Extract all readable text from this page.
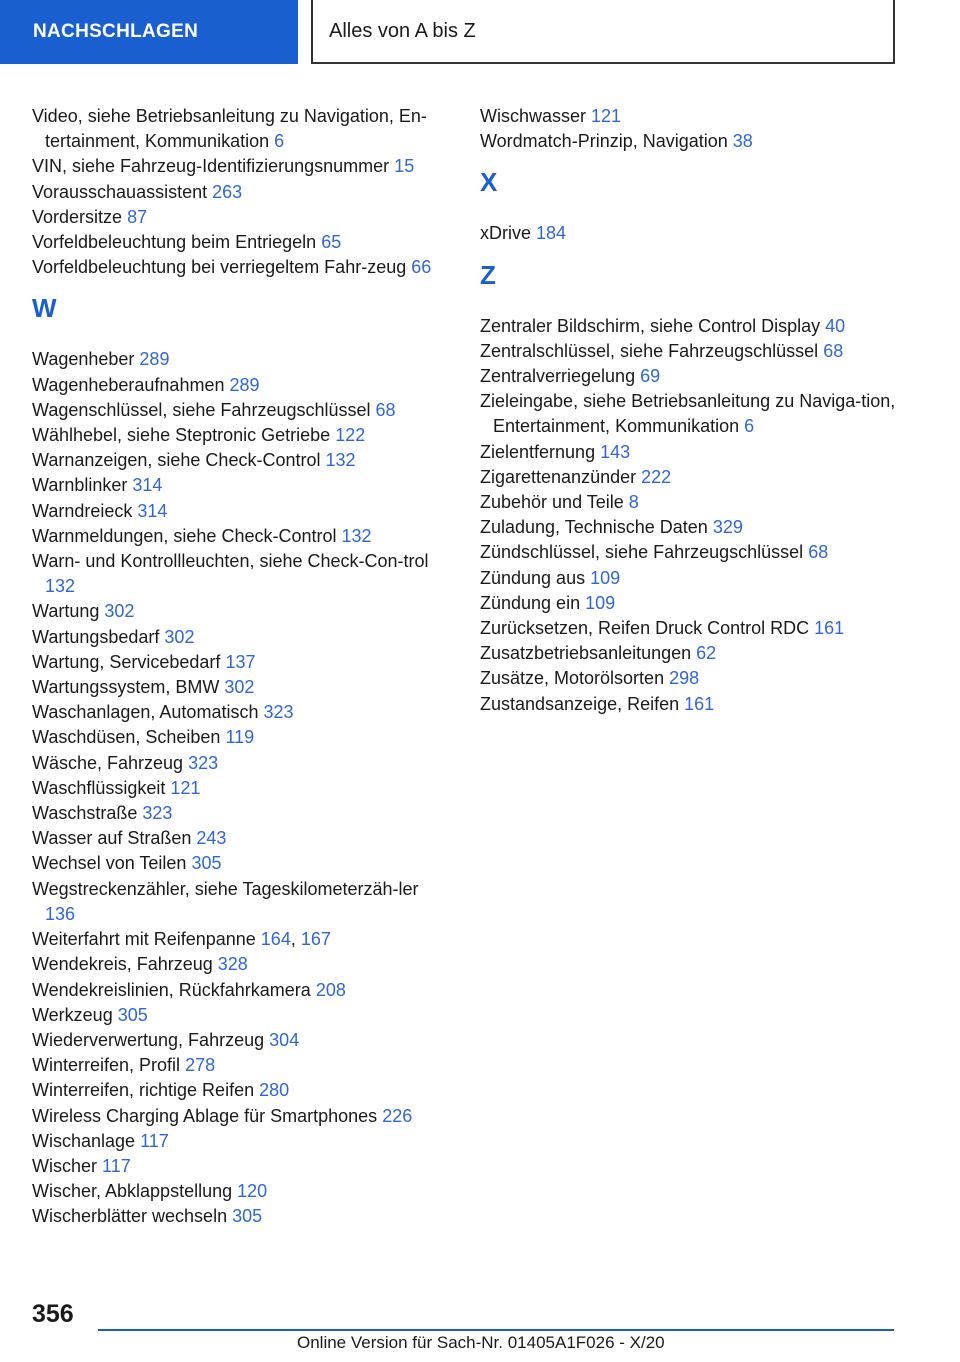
NACHSCHLAGEN	Alles von A bis Z
Video, siehe Betriebsanleitung zu Navigation, En‐tertainment, Kommunikation 6
VIN, siehe Fahrzeug-Identifizierungsnummer 15
Vorausschauassistent 263
Vordersitze 87
Vorfeldbeleuchtung beim Entriegeln 65
Vorfeldbeleuchtung bei verriegeltem Fahr‐zeug 66
W
Wagenheber 289
Wagenheberaufnahmen 289
Wagenschlüssel, siehe Fahrzeugschlüssel 68
Wählhebel, siehe Steptronic Getriebe 122
Warnanzeigen, siehe Check-Control 132
Warnblinker 314
Warndreieck 314
Warnmeldungen, siehe Check-Control 132
Warn- und Kontrollleuchten, siehe Check-Con‐trol 132
Wartung 302
Wartungsbedarf 302
Wartung, Servicebedarf 137
Wartungssystem, BMW 302
Waschanlagen, Automatisch 323
Waschdüsen, Scheiben 119
Wäsche, Fahrzeug 323
Waschflüssigkeit 121
Waschstraße 323
Wasser auf Straßen 243
Wechsel von Teilen 305
Wegstreckenzähler, siehe Tageskilometerzäh‐ler 136
Weiterfahrt mit Reifenpanne 164, 167
Wendekreis, Fahrzeug 328
Wendekreislinien, Rückfahrkamera 208
Werkzeug 305
Wiederverwertung, Fahrzeug 304
Winterreifen, Profil 278
Winterreifen, richtige Reifen 280
Wireless Charging Ablage für Smartphones 226
Wischanlage 117
Wischer 117
Wischer, Abklappstellung 120
Wischerblätter wechseln 305
Wischwasser 121
Wordmatch-Prinzip, Navigation 38
X
xDrive 184
Z
Zentraler Bildschirm, siehe Control Display 40
Zentralschlüssel, siehe Fahrzeugschlüssel 68
Zentralverriegelung 69
Zieleingabe, siehe Betriebsanleitung zu Naviga‐tion, Entertainment, Kommunikation 6
Zielentfernung 143
Zigarettenanzünder 222
Zubehör und Teile 8
Zuladung, Technische Daten 329
Zündschlüssel, siehe Fahrzeugschlüssel 68
Zündung aus 109
Zündung ein 109
Zurücksetzen, Reifen Druck Control RDC 161
Zusatzbetriebsanleitungen 62
Zusätze, Motorölsorten 298
Zustandsanzeige, Reifen 161
356
Online Version für Sach-Nr. 01405A1F026 - X/20
